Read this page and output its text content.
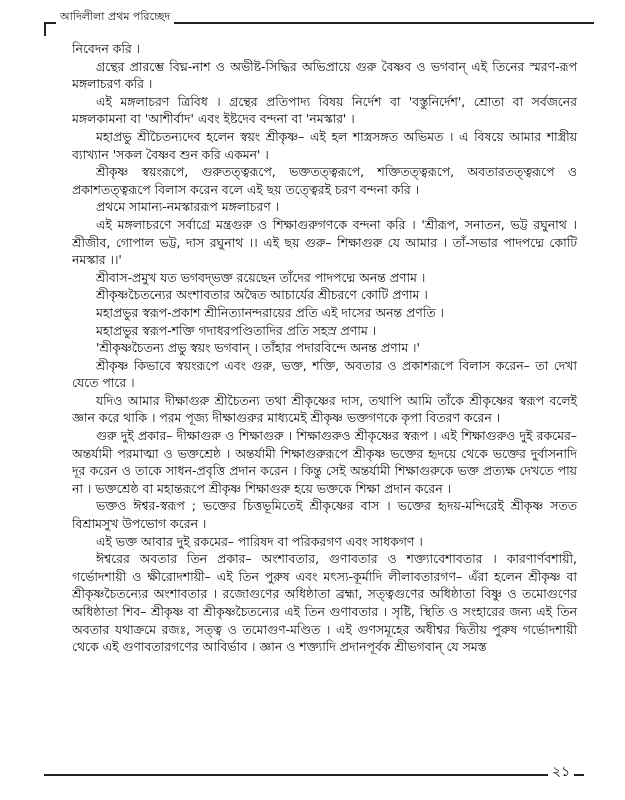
আদিলীলা প্রথম পরিচ্ছেদ

নিবেদন করি ।

গ্রন্থের প্রারম্ভে বিঘ্ন-নাশ ও অভীষ্ট-সিদ্ধির অভিপ্রায়ে গুরু বৈষ্ণব ও ভগবান্‌ এই তিনের স্মরণ-রূপ মঙ্গলাচরণ করি ।

এই মঙ্গলাচরণ ত্রিবিধ । গ্রন্থের প্রতিপাদ্য বিষয় নির্দেশ বা 'বস্তুনির্দেশ', শ্রোতা বা সর্বজনের মঙ্গলকামনা বা 'আশীর্বাদ' এবং ইষ্টদেব বন্দনা বা 'নমস্কার' ।

মহাপ্রভু শ্রীচৈতন্যদেব হলেন স্বয়ং শ্রীকৃষ্ণ– এই হল শাস্ত্রসঙ্গত অভিমত । এ বিষয়ে আমার শাস্ত্রীয় ব্যাখ্যান 'সকল বৈষ্ণব শুন করি একমন' ।

শ্রীকৃষ্ণ স্বয়ংরূপে, গুরুতত্ত্বরূপে, ভক্ততত্ত্বরূপে, শক্তিতত্ত্বরূপে, অবতারতত্ত্বরূপে ও প্রকাশতত্ত্বরূপে বিলাস করেন বলে এই ছয় তত্ত্বেরই চরণ বন্দনা করি ।

প্রথমে সামান্য-নমস্কাররূপ মঙ্গলাচরণ ।

এই মঙ্গলাচরণে সর্বাগ্রে মন্ত্রগুরু ও শিক্ষাগুরুগণকে বন্দনা করি । 'শ্রীরূপ, সনাতন, ভট্ট রঘুনাথ । শ্রীজীব, গোপাল ভট্ট, দাস রঘুনাথ ।। এই ছয় গুরু– শিক্ষাগুরু যে আমার । তাঁ-সভার পাদপদ্মে কোটি নমস্কার ।।'

শ্রীবাস-প্রমুখ যত ভগবদ্‌ভক্ত রয়েছেন তাঁদের পাদপদ্মে অনন্ত প্রণাম ।

শ্রীকৃষ্ণচৈতন্যের অংশাবতার অদ্বৈত আচার্যের শ্রীচরণে কোটি প্রণাম ।

মহাপ্রভুর স্বরূপ-প্রকাশ শ্রীনিত্যানন্দরায়ের প্রতি এই দাসের অনন্ত প্রণতি ।

মহাপ্রভুর স্বরূপ-শক্তি গদাধরপণ্ডিতাদির প্রতি সহস্র প্রণাম ।

'শ্রীকৃষ্ণচৈতন্য প্রভু স্বয়ং ভগবান্‌ । তাঁহার পদারবিন্দে অনন্ত প্রণাম ।'

শ্রীকৃষ্ণ কিভাবে স্বয়ংরূপে এবং গুরু, ভক্ত, শক্তি, অবতার ও প্রকাশরূপে বিলাস করেন– তা দেখা যেতে পারে ।

যদিও আমার দীক্ষাগুরু শ্রীচৈতন্য তথা শ্রীকৃষ্ণের দাস, তথাপি আমি তাঁকে শ্রীকৃষ্ণের স্বরূপ বলেই জ্ঞান করে থাকি । পরম পূজ্য দীক্ষাগুরুর মাধ্যমেই শ্রীকৃষ্ণ ভক্তগণকে কৃপা বিতরণ করেন ।

গুরু দুই প্রকার– দীক্ষাগুরু ও শিক্ষাগুরু । শিক্ষাগুরুও শ্রীকৃষ্ণের স্বরূপ । এই শিক্ষাগুরুও দুই রকমের– অন্তর্যামী পরমাত্মা ও ভক্তশ্রেষ্ঠ । অন্তর্যামী শিক্ষাগুরুরূপে শ্রীকৃষ্ণ ভক্তের হৃদয়ে থেকে ভক্তের দুর্বাসনাদি দূর করেন ও তাকে সাধন-প্রবৃত্তি প্রদান করেন । কিন্তু সেই অন্তর্যামী শিক্ষাগুরুকে ভক্ত প্রত্যক্ষ দেখতে পায় না । ভক্তশ্রেষ্ঠ বা মহান্তরূপে শ্রীকৃষ্ণ শিক্ষাগুরু হয়ে ভক্তকে শিক্ষা প্রদান করেন ।

ভক্তও ঈশ্বর-স্বরূপ ; ভক্তের চিত্তভূমিতেই শ্রীকৃষ্ণের বাস । ভক্তের হৃদয়-মন্দিরেই শ্রীকৃষ্ণ সতত বিশ্রামসুখ উপভোগ করেন ।

এই ভক্ত আবার দুই রকমের– পারিষদ বা পরিকরগণ এবং সাধকগণ ।

ঈশ্বরের অবতার তিন প্রকার– অংশাবতার, গুণাবতার ও শক্ত্যাবেশাবতার । কারণার্ণবশায়ী, গর্ভোদশায়ী ও ক্ষীরোদশায়ী– এই তিন পুরুষ এবং মৎস্য-কূর্মাদি লীলাবতারগণ– এঁরা হলেন শ্রীকৃষ্ণ বা শ্রীকৃষ্ণচৈতন্যের অংশাবতার । রজোগুণের অধিষ্ঠাতা ব্রহ্মা, সত্ত্বগুণের অধিষ্ঠাতা বিষ্ণু ও তমোগুণের অধিষ্ঠাতা শিব– শ্রীকৃষ্ণ বা শ্রীকৃষ্ণচৈতন্যের এই তিন গুণাবতার । সৃষ্টি, স্থিতি ও সংহারের জন্য এই তিন অবতার যথাক্রমে রজঃ, সত্ত্ব ও তমোগুণ-মণ্ডিত । এই গুণসমূহের অধীশ্বর দ্বিতীয় পুরুষ গর্ভোদশায়ী থেকে এই গুণাবতারগণের আবির্ভাব । জ্ঞান ও শক্ত্যাদি প্রদানপূর্বক শ্রীভগবান্‌ যে সমস্ত

২১
